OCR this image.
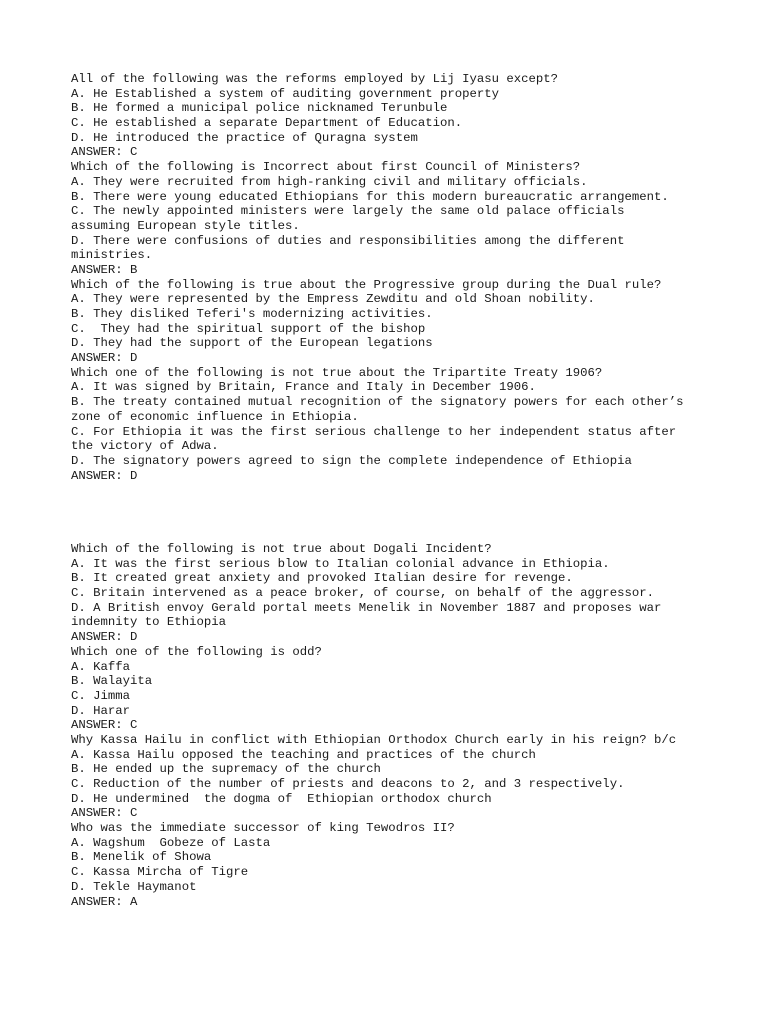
All of the following was the reforms employed by Lij Iyasu except?
A. He Established a system of auditing government property
B. He formed a municipal police nicknamed Terunbule
C. He established a separate Department of Education.
D. He introduced the practice of Quragna system
ANSWER: C
Which of the following is Incorrect about first Council of Ministers?
A. They were recruited from high-ranking civil and military officials.
B. There were young educated Ethiopians for this modern bureaucratic arrangement.
C. The newly appointed ministers were largely the same old palace officials
assuming European style titles.
D. There were confusions of duties and responsibilities among the different
ministries.
ANSWER: B
Which of the following is true about the Progressive group during the Dual rule?
A. They were represented by the Empress Zewditu and old Shoan nobility.
B. They disliked Teferi's modernizing activities.
C.  They had the spiritual support of the bishop
D. They had the support of the European legations
ANSWER: D
Which one of the following is not true about the Tripartite Treaty 1906?
A. It was signed by Britain, France and Italy in December 1906.
B. The treaty contained mutual recognition of the signatory powers for each other’s
zone of economic influence in Ethiopia.
C. For Ethiopia it was the first serious challenge to her independent status after
the victory of Adwa.
D. The signatory powers agreed to sign the complete independence of Ethiopia
ANSWER: D
Which of the following is not true about Dogali Incident?
A. It was the first serious blow to Italian colonial advance in Ethiopia.
B. It created great anxiety and provoked Italian desire for revenge.
C. Britain intervened as a peace broker, of course, on behalf of the aggressor.
D. A British envoy Gerald portal meets Menelik in November 1887 and proposes war
indemnity to Ethiopia
ANSWER: D
Which one of the following is odd?
A. Kaffa
B. Walayita
C. Jimma
D. Harar
ANSWER: C
Why Kassa Hailu in conflict with Ethiopian Orthodox Church early in his reign? b/c
A. Kassa Hailu opposed the teaching and practices of the church
B. He ended up the supremacy of the church
C. Reduction of the number of priests and deacons to 2, and 3 respectively.
D. He undermined  the dogma of  Ethiopian orthodox church
ANSWER: C
Who was the immediate successor of king Tewodros II?
A. Wagshum  Gobeze of Lasta
B. Menelik of Showa
C. Kassa Mircha of Tigre
D. Tekle Haymanot
ANSWER: A
